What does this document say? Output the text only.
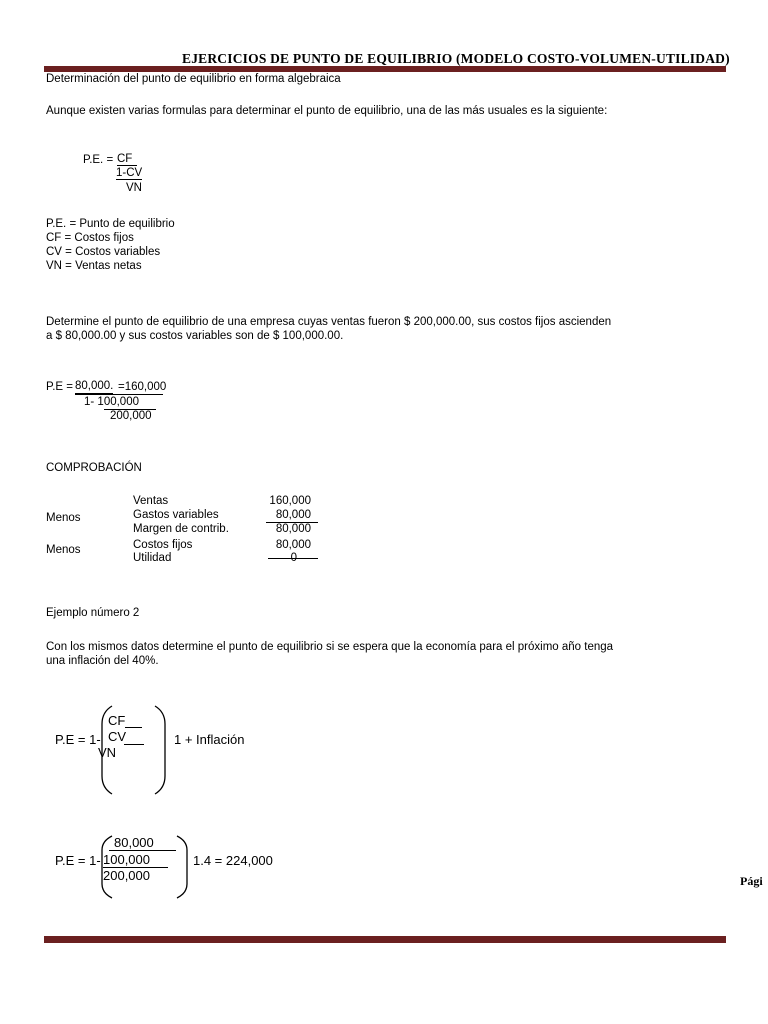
EJERCICIOS DE PUNTO DE EQUILIBRIO (MODELO COSTO-VOLUMEN-UTILIDAD)
Determinación del punto de equilibrio en forma algebraica
Aunque existen varias formulas para determinar el punto de equilibrio, una de las más usuales es la siguiente:
P.E. = CF
1-CV
VN
P.E. = Punto de equilibrio
CF = Costos fijos
CV = Costos variables
VN = Ventas netas
Determine el punto de equilibrio de una empresa cuyas ventas fueron $ 200,000.00, sus costos fijos ascienden
a $ 80,000.00 y sus costos variables son de $ 100,000.00.
P.E = 80,000. =160,000
1- 100,000
200,000
COMPROBACIÓN
Ventas	160,000
Menos	Gastos variables	80,000
Margen de contrib.	80,000
Menos	Costos fijos	80,000
Utilidad	0
Ejemplo número 2
Con los mismos datos determine el punto de equilibrio si se espera que la economía para el próximo año tenga
una inflación del 40%.
P.E = 1-
CF
CV
VN
1 + Inflación
P.E = 1-
80,000
100,000
200,000
1.4 = 224,000
Pági
